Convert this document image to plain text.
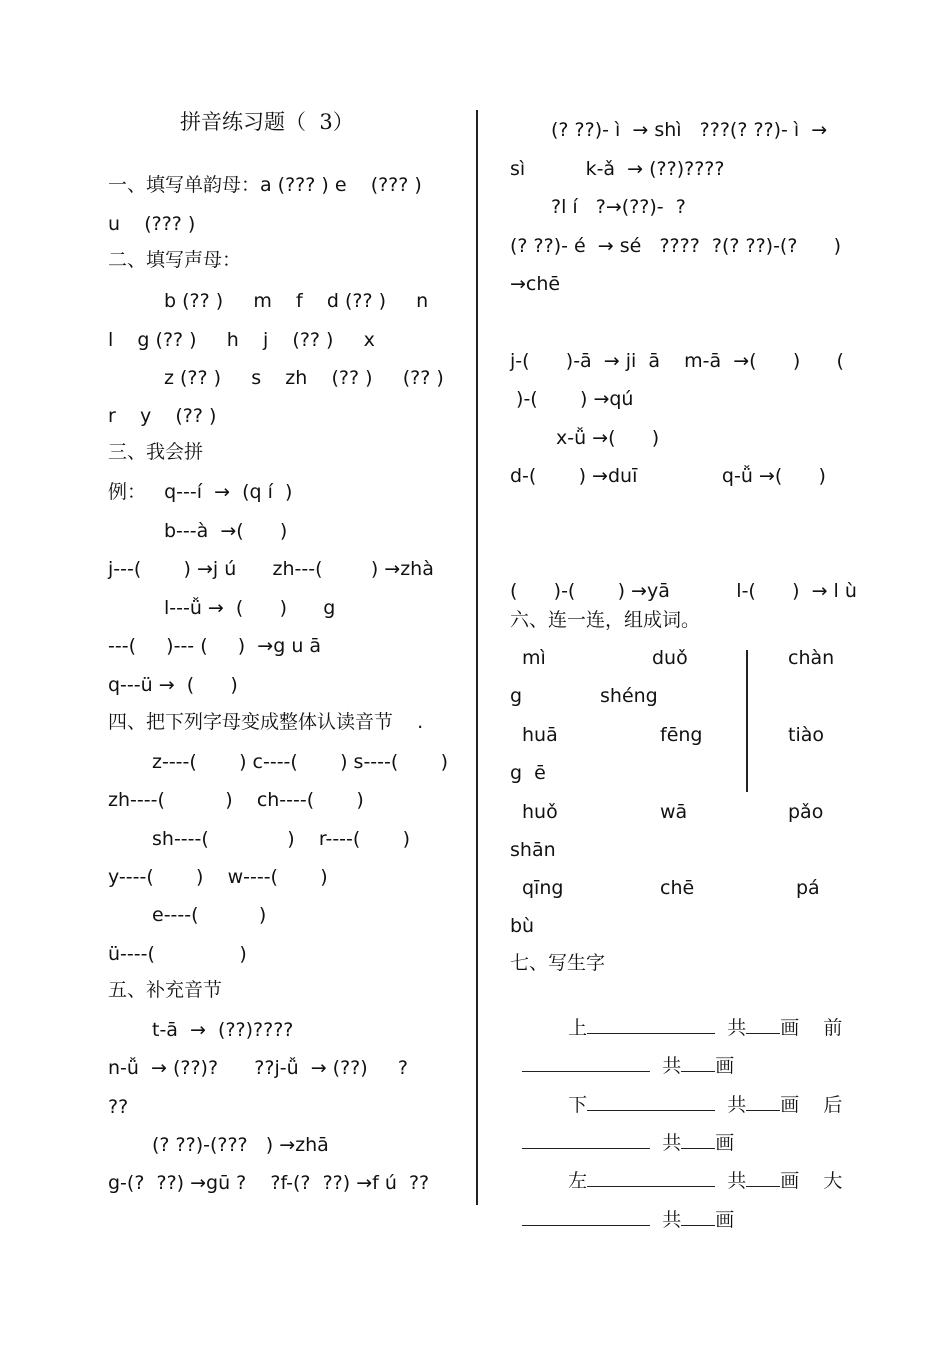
拼音练习题（  3）
一、填写单韵母：a (??? ) e    (??? )
u    (??? )
二、填写声母：
b (?? )     m    f    d (?? )     n
l    g (?? )     h    j    (?? )     x
z (?? )     s    zh    (?? )     (?? )
r    y    (?? )
三、我会拼
例：   q---í  →  (q í  )
b---à  →(      )
j---(       ) →j ú      zh---(        ) →zhà
l---ǚ →  (      )      g
---(     )--- (     )  →g u ā
q---ü →  (      )
四、把下列字母变成整体认读音节    .
z----(       ) c----(       ) s----(       )
zh----(          )    ch----(       )
sh----(             )    r----(       )
y----(       )    w----(       )
e----(          )
ü----(              )
五、补充音节
t-ā  →  (??)????
n-ǚ  → (??)?      ??j-ǚ  → (??)     ?
??
(? ??)-(???   ) →zhā
g-(?  ??) →gū ?    ?f-(?  ??) →f ú  ??
(? ??)- ì  → shì   ???(? ??)- ì  →
sì          k-ǎ  → (??)????
?l í   ?→(??)-  ?
(? ??)- é  → sé   ????  ?(? ??)-(?      )
→chē
j-(      )-ā  → ji  ā    m-ā  →(      )      (
)-(       ) →qú
x-ǚ →(      )
d-(       ) →duī              q-ǚ →(      )
(      )-(       ) →yā           l-(      )  → l ù
六、连一连，组成词。
mì	duǒ	chàn
g	shéng
huā	fēng	tiào
g  ē
huǒ	wā	pǎo
shān
qīng	chē	pá
bù
七、写生字

上	共 画 前

共 画

下	共 画 后

共 画

左	共 画 大

共 画
